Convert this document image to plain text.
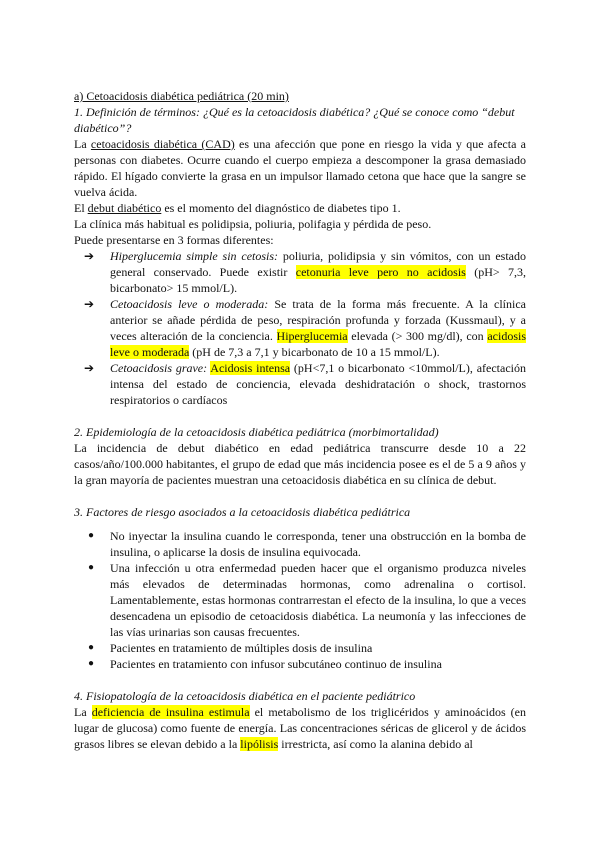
a) Cetoacidosis diabética pediátrica (20 min)

1. Definición de términos: ¿Qué es la cetoacidosis diabética? ¿Qué se conoce como “debut diabético”?

La cetoacidosis diabética (CAD) es una afección que pone en riesgo la vida y que afecta a personas con diabetes. Ocurre cuando el cuerpo empieza a descomponer la grasa demasiado rápido. El hígado convierte la grasa en un impulsor llamado cetona que hace que la sangre se vuelva ácida.

El debut diabético es el momento del diagnóstico de diabetes tipo 1.

La clínica más habitual es polidipsia, poliuria, polifagia y pérdida de peso.

Puede presentarse en 3 formas diferentes:

➔ Hiperglucemia simple sin cetosis: poliuria, polidipsia y sin vómitos, con un estado general conservado. Puede existir cetonuria leve pero no acidosis (pH> 7,3, bicarbonato> 15 mmol/L).
➔ Cetoacidosis leve o moderada: Se trata de la forma más frecuente. A la clínica anterior se añade pérdida de peso, respiración profunda y forzada (Kussmaul), y a veces alteración de la conciencia. Hiperglucemia elevada (> 300 mg/dl), con acidosis leve o moderada (pH de 7,3 a 7,1 y bicarbonato de 10 a 15 mmol/L).
➔ Cetoacidosis grave: Acidosis intensa (pH<7,1 o bicarbonato <10mmol/L), afectación intensa del estado de conciencia, elevada deshidratación o shock, trastornos respiratorios o cardíacos

2. Epidemiología de la cetoacidosis diabética pediátrica (morbimortalidad)

La incidencia de debut diabético en edad pediátrica transcurre desde 10 a 22 casos/año/100.000 habitantes, el grupo de edad que más incidencia posee es el de 5 a 9 años y la gran mayoría de pacientes muestran una cetoacidosis diabética en su clínica de debut.

3. Factores de riesgo asociados a la cetoacidosis diabética pediátrica

● No inyectar la insulina cuando le corresponda, tener una obstrucción en la bomba de insulina, o aplicarse la dosis de insulina equivocada.
● Una infección u otra enfermedad pueden hacer que el organismo produzca niveles más elevados de determinadas hormonas, como adrenalina o cortisol. Lamentablemente, estas hormonas contrarrestan el efecto de la insulina, lo que a veces desencadena un episodio de cetoacidosis diabética. La neumonía y las infecciones de las vías urinarias son causas frecuentes.
● Pacientes en tratamiento de múltiples dosis de insulina
● Pacientes en tratamiento con infusor subcutáneo continuo de insulina

4. Fisiopatología de la cetoacidosis diabética en el paciente pediátrico

La deficiencia de insulina estimula el metabolismo de los triglicéridos y aminoácidos (en lugar de glucosa) como fuente de energía. Las concentraciones séricas de glicerol y de ácidos grasos libres se elevan debido a la lipólisis irrestricta, así como la alanina debido al
